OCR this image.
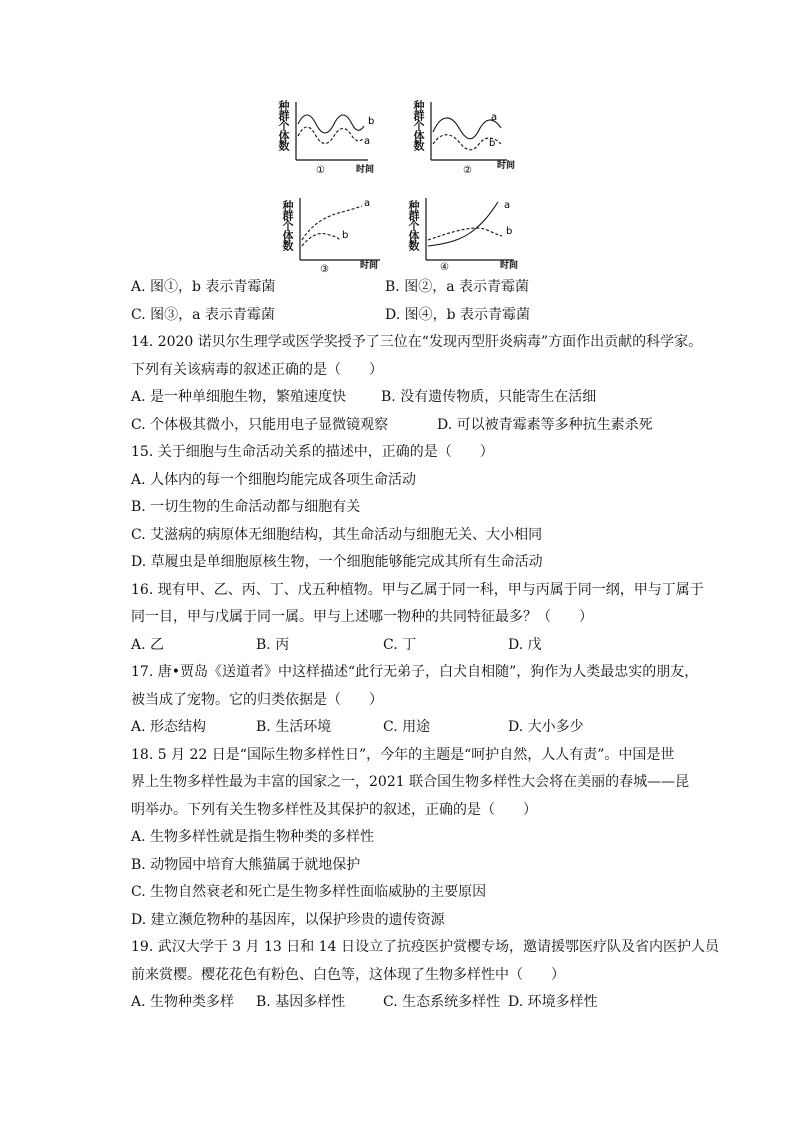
b
a
时间
①
种群个体数	a
b
时间
②
种群个体数
a
b
时间
③
种群个体数	a
b
时间
④
种群个体数
A. 图①，b 表示青霉菌	B. 图②，a 表示青霉菌
C. 图③，a 表示青霉菌	D. 图④，b 表示青霉菌
14. 2020 诺贝尔生理学或医学奖授予了三位在“发现丙型肝炎病毒”方面作出贡献的科学家。
下列有关该病毒的叙述正确的是（　　）
A. 是一种单细胞生物，繁殖速度快 B. 没有遗传物质，只能寄生在活细
C. 个体极其微小，只能用电子显微镜观察	D. 可以被青霉素等多种抗生素杀死
15. 关于细胞与生命活动关系的描述中，正确的是（　　）
A. 人体内的每一个细胞均能完成各项生命活动
B. 一切生物的生命活动都与细胞有关
C. 艾滋病的病原体无细胞结构，其生命活动与细胞无关、大小相同
D. 草履虫是单细胞原核生物，一个细胞能够能完成其所有生命活动
16. 现有甲、乙、丙、丁、戊五种植物。甲与乙属于同一科，甲与丙属于同一纲，甲与丁属于
同一目，甲与戊属于同一属。甲与上述哪一物种的共同特征最多？（　　）
A. 乙	B. 丙	C. 丁	D. 戊
17. 唐•贾岛《送道者》中这样描述“此行无弟子，白犬自相随”，狗作为人类最忠实的朋友，
被当成了宠物。它的归类依据是（　　）
A. 形态结构	B. 生活环境	C. 用途	D. 大小多少
18. 5 月 22 日是“国际生物多样性日”，今年的主题是“呵护自然，人人有责”。中国是世
界上生物多样性最为丰富的国家之一，2021 联合国生物多样性大会将在美丽的春城——昆
明举办。下列有关生物多样性及其保护的叙述，正确的是（　　）
A. 生物多样性就是指生物种类的多样性
B. 动物园中培育大熊猫属于就地保护
C. 生物自然衰老和死亡是生物多样性面临威胁的主要原因
D. 建立濒危物种的基因库，以保护珍贵的遗传资源
19. 武汉大学于 3 月 13 日和 14 日设立了抗疫医护赏樱专场，邀请援鄂医疗队及省内医护人员
前来赏樱。樱花花色有粉色、白色等，这体现了生物多样性中（　　）
A. 生物种类多样 B. 基因多样性	C. 生态系统多样性 D. 环境多样性
